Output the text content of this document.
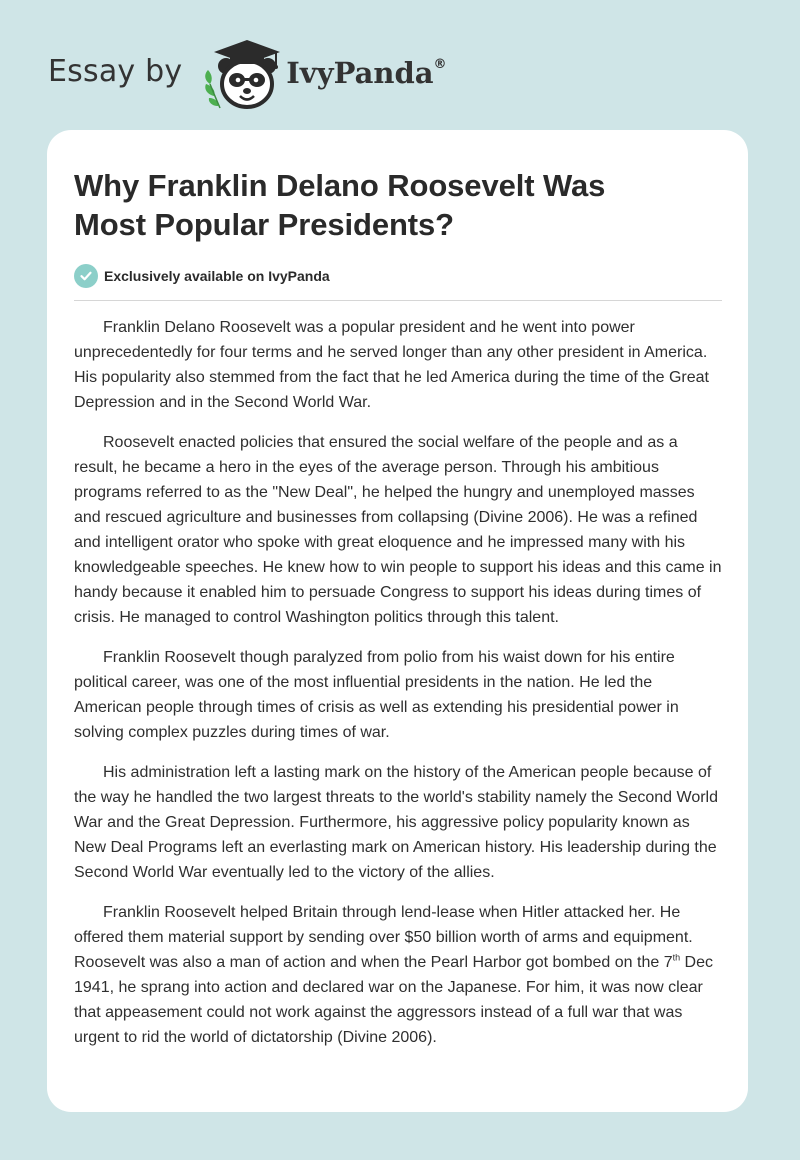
Essay by	IvyPanda®
Why Franklin Delano Roosevelt Was
Most Popular Presidents?
Exclusively available on IvyPanda

Franklin Delano Roosevelt was a popular president and he went into power unprecedentedly for four terms and he served longer than any other president in America. His popularity also stemmed from the fact that he led America during the time of the Great Depression and in the Second World War.

Roosevelt enacted policies that ensured the social welfare of the people and as a result, he became a hero in the eyes of the average person. Through his ambitious programs referred to as the "New Deal", he helped the hungry and unemployed masses and rescued agriculture and businesses from collapsing (Divine 2006). He was a refined and intelligent orator who spoke with great eloquence and he impressed many with his knowledgeable speeches. He knew how to win people to support his ideas and this came in handy because it enabled him to persuade Congress to support his ideas during times of crisis. He managed to control Washington politics through this talent.

Franklin Roosevelt though paralyzed from polio from his waist down for his entire political career, was one of the most influential presidents in the nation. He led the American people through times of crisis as well as extending his presidential power in solving complex puzzles during times of war.

His administration left a lasting mark on the history of the American people because of the way he handled the two largest threats to the world's stability namely the Second World War and the Great Depression. Furthermore, his aggressive policy popularity known as New Deal Programs left an everlasting mark on American history. His leadership during the Second World War eventually led to the victory of the allies.

Franklin Roosevelt helped Britain through lend-lease when Hitler attacked her. He offered them material support by sending over $50 billion worth of arms and equipment. Roosevelt was also a man of action and when the Pearl Harbor got bombed on the 7th Dec 1941, he sprang into action and declared war on the Japanese. For him, it was now clear that appeasement could not work against the aggressors instead of a full war that was urgent to rid the world of dictatorship (Divine 2006).
